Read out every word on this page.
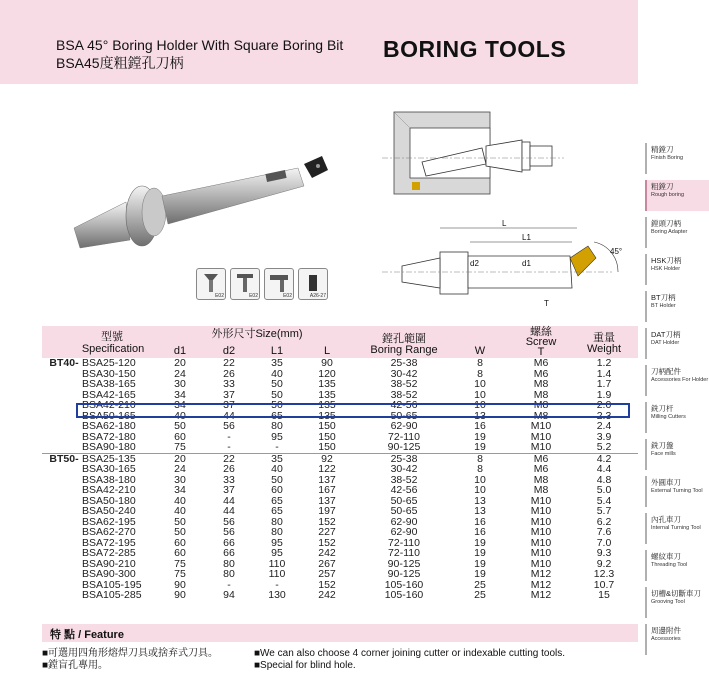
BSA 45° Boring Holder With Square Boring Bit
BSA45度粗鏜孔刀柄
BORING TOOLS
E02	E02	E02	A26-27
L
L1
d2	d1
T
45°
精鏜刀
Finish Boring
粗鏜刀
Rough boring
鏜頭刀柄
Boring Adapter
HSK刀柄
HSK Holder
BT刀柄
BT Holder
DAT刀柄
DAT Holder
刀柄配件
Accessories For Holder
銑刀杆
Milling Cutters
銑刀盤
Face mills
外圓車刀
External Turning Tool
內孔車刀
Internal Turning Tool
螺紋車刀
Threading Tool
切槽&切斷車刀
Grooving Tool
周邊附件
Accessories
型號
Specification
外形尺寸Size(mm)
d1	d2	L1	L
鏜孔範圍
Boring Range	W
螺絲
Screw
T
重量
Weight
BT40- BSA25-120	20	22	35	90	25-38	8	M6	1.2
BSA30-150	24	26	40	120	30-42	8	M6	1.4
BSA38-165	30	33	50	135	38-52	10	M8	1.7
BSA42-165	34	37	50	135	38-52	10	M8	1.9
BSA42-210	34	37	50	135	42-56	10	M8	2.0
BSA50-165	40	44	65	135	50-65	13	M8	2.3
BSA62-180	50	56	80	150	62-90	16	M10	2.4
BSA72-180	60	-	95	150	72-110	19	M10	3.9
BSA90-180	75	-	-	150	90-125	19	M10	5.2
BT50- BSA25-135	20	22	35	92	25-38	8	M6	4.2
BSA30-165	24	26	40	122	30-42	8	M6	4.4
BSA38-180	30	33	50	137	38-52	10	M8	4.8
BSA42-210	34	37	60	167	42-56	10	M8	5.0
BSA50-180	40	44	65	137	50-65	13	M10	5.4
BSA50-240	40	44	65	197	50-65	13	M10	5.7
BSA62-195	50	56	80	152	62-90	16	M10	6.2
BSA62-270	50	56	80	227	62-90	16	M10	7.6
BSA72-195	60	66	95	152	72-110	19	M10	7.0
BSA72-285	60	66	95	242	72-110	19	M10	9.3
BSA90-210	75	80	110	267	90-125	19	M10	9.2
BSA90-300	75	80	110	257	90-125	19	M12	12.3
BSA105-195	90	-	-	152	105-160	25	M12	10.7
BSA105-285	90	94	130	242	105-160	25	M12	15
特 點 / Feature
■可選用四角形熔焊刀具或捨弃式刀具。
■鏜盲孔專用。
■We can also choose 4 corner joining cutter or indexable cutting tools.
■Special for blind hole.
